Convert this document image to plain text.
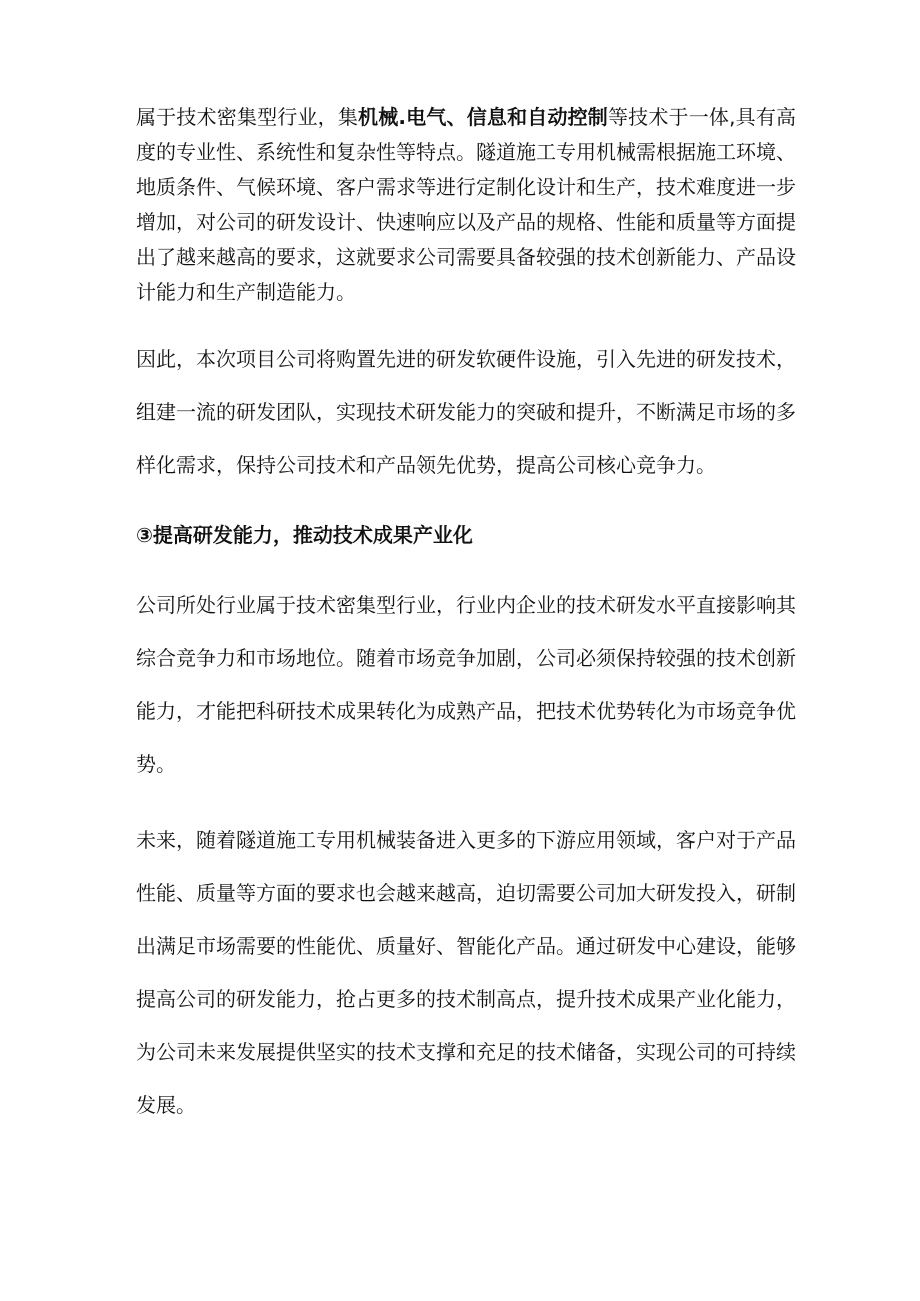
属于技术密集型行业，集机械.电气、信息和自动控制等技术于一体,具有高度的专业性、系统性和复杂性等特点。隧道施工专用机械需根据施工环境、地质条件、气候环境、客户需求等进行定制化设计和生产，技术难度进一步增加，对公司的研发设计、快速响应以及产品的规格、性能和质量等方面提出了越来越高的要求，这就要求公司需要具备较强的技术创新能力、产品设计能力和生产制造能力。

因此，本次项目公司将购置先进的研发软硬件设施，引入先进的研发技术，组建一流的研发团队，实现技术研发能力的突破和提升，不断满足市场的多样化需求，保持公司技术和产品领先优势，提高公司核心竞争力。

③提高研发能力，推动技术成果产业化

公司所处行业属于技术密集型行业，行业内企业的技术研发水平直接影响其综合竞争力和市场地位。随着市场竞争加剧，公司必须保持较强的技术创新能力，才能把科研技术成果转化为成熟产品，把技术优势转化为市场竞争优势。

未来，随着隧道施工专用机械装备进入更多的下游应用领域，客户对于产品性能、质量等方面的要求也会越来越高，迫切需要公司加大研发投入，研制出满足市场需要的性能优、质量好、智能化产品。通过研发中心建设，能够提高公司的研发能力，抢占更多的技术制高点，提升技术成果产业化能力，为公司未来发展提供坚实的技术支撑和充足的技术储备，实现公司的可持续发展。
